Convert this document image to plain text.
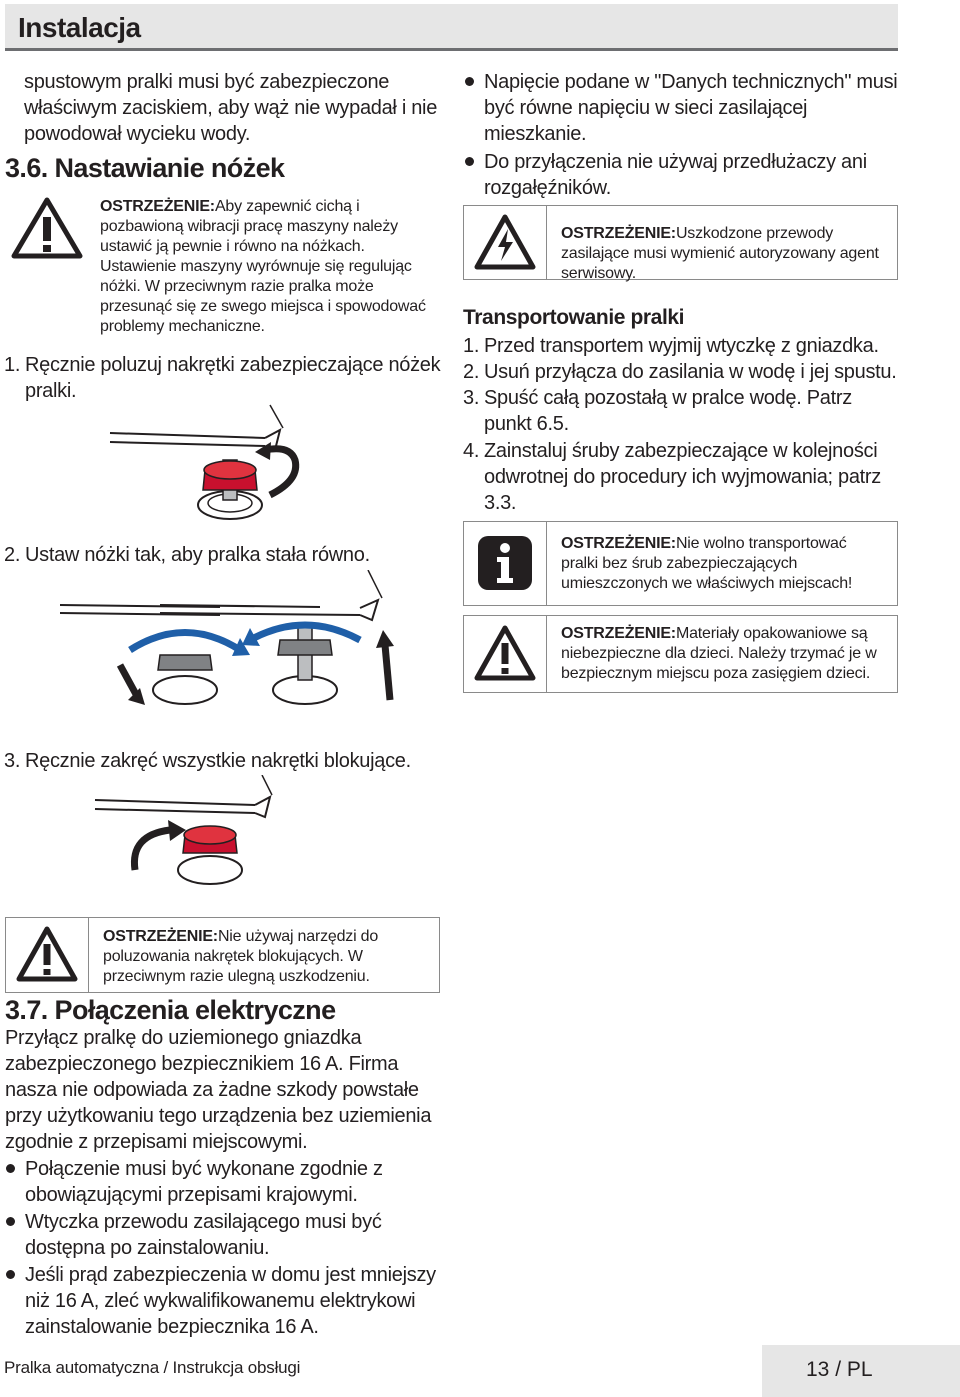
Instalacja
spustowym pralki musi być zabezpieczone właściwym zaciskiem, aby wąż nie wypadał i nie powodował wycieku wody.
3.6. Nastawianie nóżek
OSTRZEŻENIE:Aby zapewnić cichą i pozbawioną wibracji pracę maszyny należy ustawić ją pewnie i równo na nóżkach. Ustawienie maszyny wyrównuje się regulując nóżki. W przeciwnym razie pralka może przesunąć się ze swego miejsca i spowodować problemy mechaniczne.
1. Ręcznie poluzuj nakrętki zabezpieczające nóżek pralki.
2. Ustaw nóżki tak, aby pralka stała równo.
3. Ręcznie zakręć wszystkie nakrętki blokujące.
OSTRZEŻENIE:Nie używaj narzędzi do poluzowania nakrętek blokujących. W przeciwnym razie ulegną uszkodzeniu.
3.7. Połączenia elektryczne
Przyłącz pralkę do uziemionego gniazdka zabezpieczonego bezpiecznikiem 16 A. Firma nasza nie odpowiada za żadne szkody powstałe przy użytkowaniu tego urządzenia bez uziemienia zgodnie z przepisami miejscowymi.
Połączenie musi być wykonane zgodnie z obowiązującymi przepisami krajowymi.
Wtyczka przewodu zasilającego musi być dostępna po zainstalowaniu.
Jeśli prąd zabezpieczenia w domu jest mniejszy niż 16 A, zleć wykwalifikowanemu elektrykowi zainstalowanie bezpiecznika 16 A.
Napięcie podane w "Danych technicznych" musi być równe napięciu w sieci zasilającej mieszkanie.
Do przyłączenia nie używaj przedłużaczy ani rozgałęźników.
OSTRZEŻENIE:Uszkodzone przewody zasilające musi wymienić autoryzowany agent serwisowy.
Transportowanie pralki
1. Przed transportem wyjmij wtyczkę z gniazdka.
2. Usuń przyłącza do zasilania w wodę i jej spustu.
3. Spuść całą pozostałą w pralce wodę. Patrz punkt 6.5.
4. Zainstaluj śruby zabezpieczające w kolejności odwrotnej do procedury ich wyjmowania; patrz 3.3.
OSTRZEŻENIE:Nie wolno transportować pralki bez śrub zabezpieczających umieszczonych we właściwych miejscach!
OSTRZEŻENIE:Materiały opakowaniowe są niebezpieczne dla dzieci. Należy trzymać je w bezpiecznym miejscu poza zasięgiem dzieci.
Pralka automatyczna / Instrukcja obsługi	13 / PL
